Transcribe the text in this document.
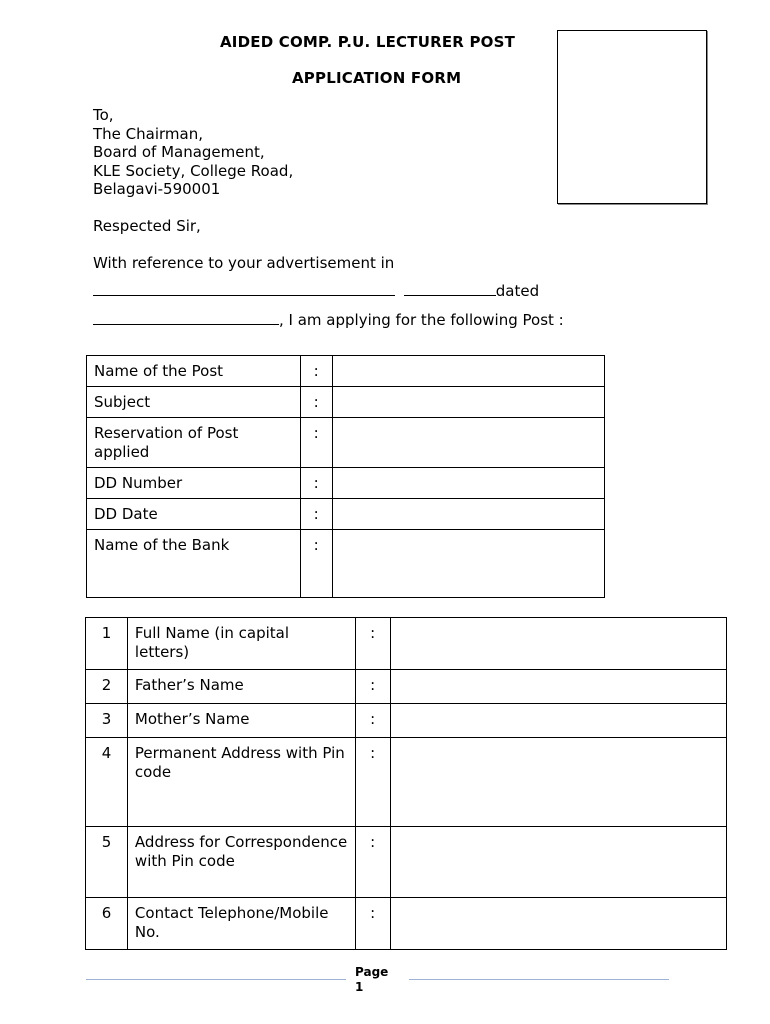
AIDED COMP. P.U. LECTURER POST
APPLICATION FORM
To,
The Chairman,
Board of Management,
KLE Society, College Road,
Belagavi-590001
Respected Sir,
With reference to your advertisement in
dated
, I am applying for the following Post :
Name of the Post	:	
Subject	:	
Reservation of Post applied	:	
DD Number	:	
DD Date	:	
Name of the Bank	:	
1	Full Name (in capital letters)	:	
2	Father’s Name	:	
3	Mother’s Name	:	
4	Permanent Address with Pin code	:	
5	Address for Correspondence with Pin code	:	
6	Contact Telephone/Mobile No.	:	
Page
1
